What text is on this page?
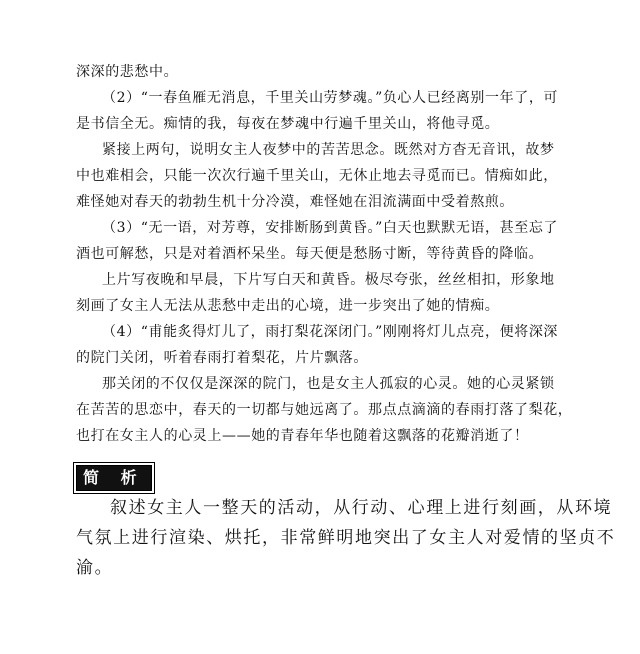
深深的悲愁中。
（2）“一春鱼雁无消息，千里关山劳梦魂。”负心人已经离别一年了，可
是书信全无。痴情的我，每夜在梦魂中行遍千里关山，将他寻觅。
紧接上两句，说明女主人夜梦中的苦苦思念。既然对方杳无音讯，故梦
中也难相会，只能一次次行遍千里关山，无休止地去寻觅而已。情痴如此，
难怪她对春天的勃勃生机十分冷漠，难怪她在泪流满面中受着熬煎。
（3）“无一语，对芳尊，安排断肠到黄昏。”白天也默默无语，甚至忘了
酒也可解愁，只是对着酒杯呆坐。每天便是愁肠寸断，等待黄昏的降临。
上片写夜晚和早晨，下片写白天和黄昏。极尽夸张，丝丝相扣，形象地
刻画了女主人无法从悲愁中走出的心境，进一步突出了她的情痴。
（4）“甫能炙得灯儿了，雨打梨花深闭门。”刚刚将灯儿点亮，便将深深
的院门关闭，听着春雨打着梨花，片片飘落。
那关闭的不仅仅是深深的院门，也是女主人孤寂的心灵。她的心灵紧锁
在苦苦的思恋中，春天的一切都与她远离了。那点点滴滴的春雨打落了梨花，
也打在女主人的心灵上——她的青春年华也随着这飘落的花瓣消逝了！
简 析
叙述女主人一整天的活动，从行动、心理上进行刻画，从环境
气氛上进行渲染、烘托，非常鲜明地突出了女主人对爱情的坚贞不
渝。
